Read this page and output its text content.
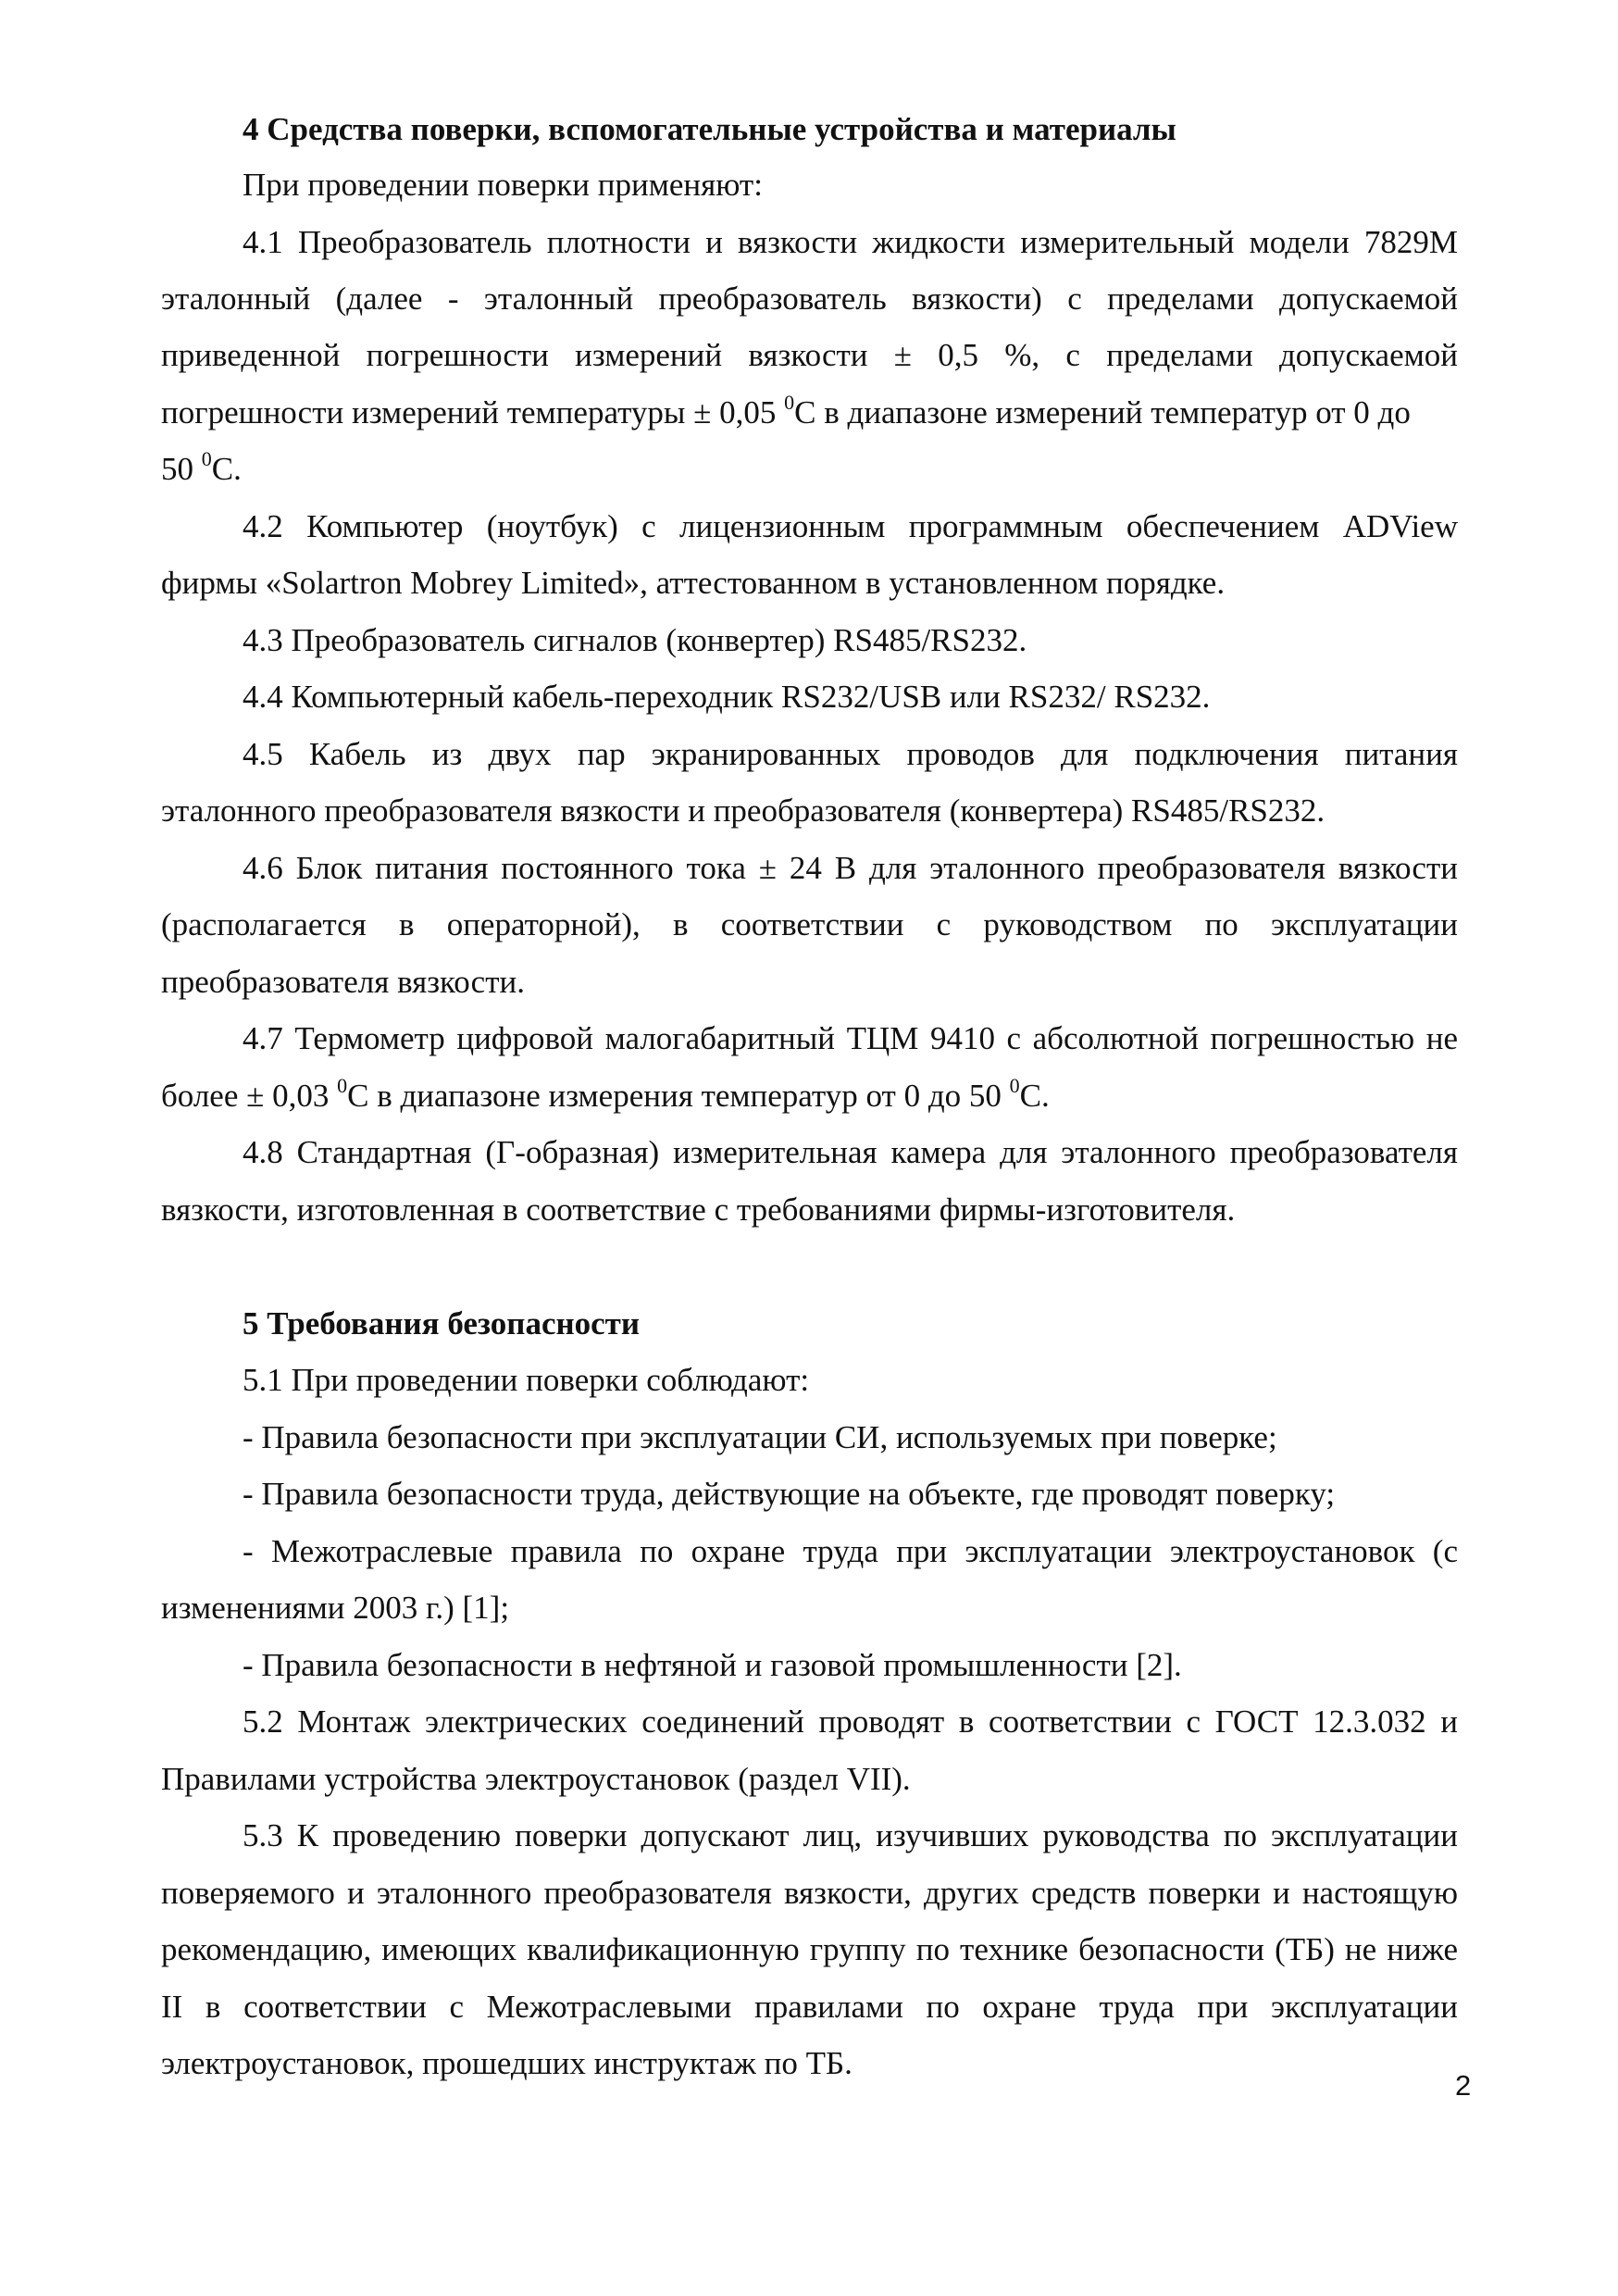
4 Средства поверки, вспомогательные устройства и материалы
При проведении поверки применяют:
4.1 Преобразователь плотности и вязкости жидкости измерительный модели 7829М
эталонный (далее - эталонный преобразователь вязкости) с пределами допускаемой
приведенной погрешности измерений вязкости ± 0,5 %, с пределами допускаемой
погрешности измерений температуры ± 0,05 $^0$С в диапазоне измерений температур от 0 до
50 $^0$С.
4.2 Компьютер (ноутбук) с лицензионным программным обеспечением ADView
фирмы «Solartron Mobrey Limited», аттестованном в установленном порядке.
4.3 Преобразователь сигналов (конвертер) RS485/RS232.
4.4 Компьютерный кабель-переходник RS232/USB или RS232/ RS232.
4.5 Кабель из двух пар экранированных проводов для подключения питания
эталонного преобразователя вязкости и преобразователя (конвертера) RS485/RS232.
4.6 Блок питания постоянного тока ± 24 В для эталонного преобразователя вязкости
(располагается в операторной), в соответствии с руководством по эксплуатации
преобразователя вязкости.
4.7 Термометр цифровой малогабаритный ТЦМ 9410 с абсолютной погрешностью не
более ± 0,03 $^0$С в диапазоне измерения температур от 0 до 50 $^0$С.
4.8 Стандартная (Г-образная) измерительная камера для эталонного преобразователя
вязкости, изготовленная в соответствие с требованиями фирмы-изготовителя.
5 Требования безопасности
5.1 При проведении поверки соблюдают:
- Правила безопасности при эксплуатации СИ, используемых при поверке;
- Правила безопасности труда, действующие на объекте, где проводят поверку;
- Межотраслевые правила по охране труда при эксплуатации электроустановок (с
изменениями 2003 г.) [1];
- Правила безопасности в нефтяной и газовой промышленности [2].
5.2 Монтаж электрических соединений проводят в соответствии с ГОСТ 12.3.032 и
Правилами устройства электроустановок (раздел VII).
5.3 К проведению поверки допускают лиц, изучивших руководства по эксплуатации
поверяемого и эталонного преобразователя вязкости, других средств поверки и настоящую
рекомендацию, имеющих квалификационную группу по технике безопасности (ТБ) не ниже
II в соответствии с Межотраслевыми правилами по охране труда при эксплуатации
электроустановок, прошедших инструктаж по ТБ.
2
